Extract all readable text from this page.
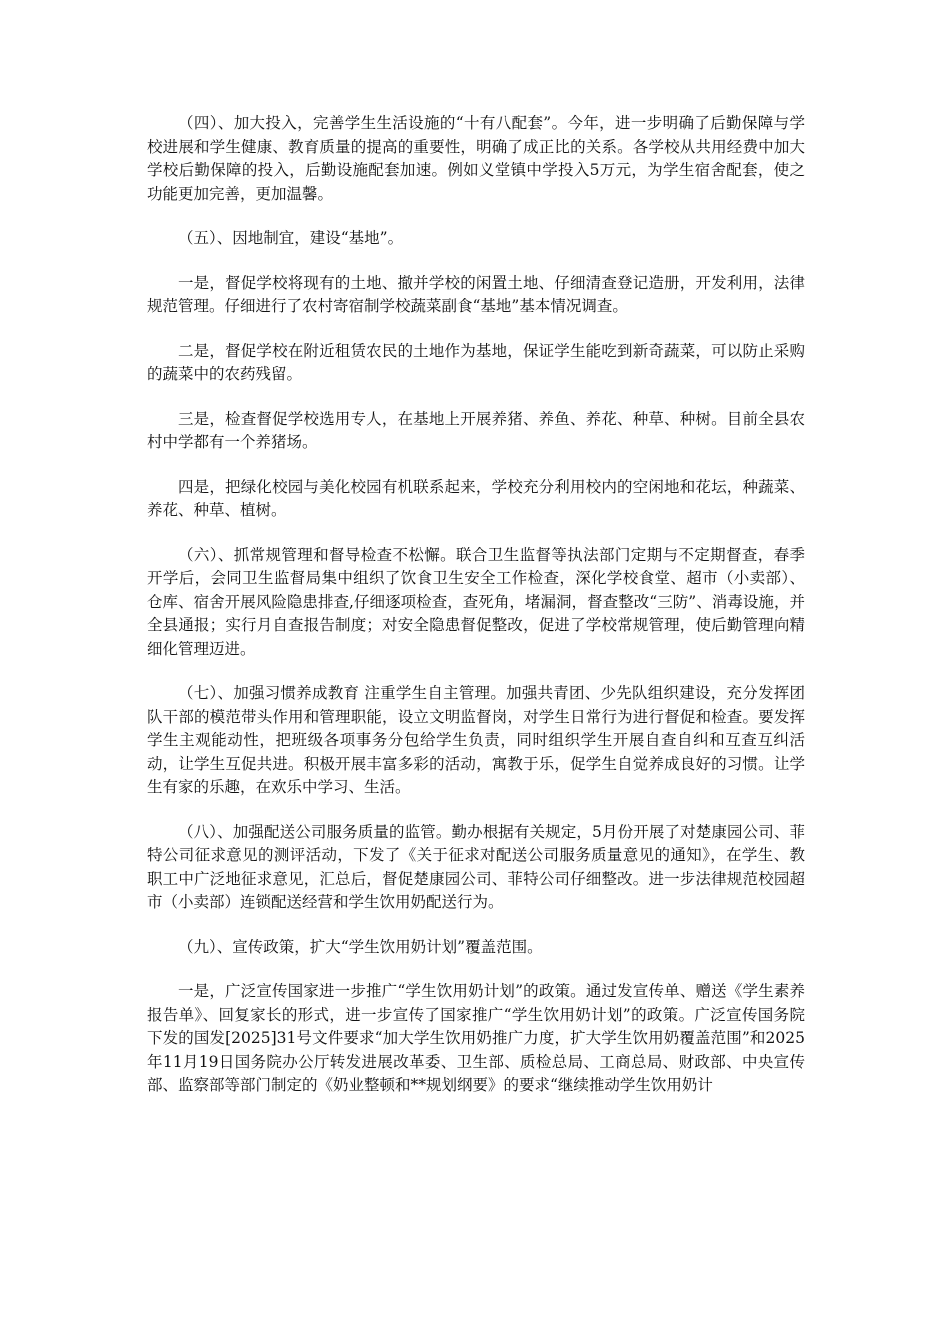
（四）、加大投入，完善学生生活设施的“十有八配套”。今年，进一步明确了后勤保障与学校进展和学生健康、教育质量的提高的重要性，明确了成正比的关系。各学校从共用经费中加大学校后勤保障的投入，后勤设施配套加速。例如义堂镇中学投入5万元，为学生宿舍配套，使之功能更加完善，更加温馨。

（五）、因地制宜，建设“基地”。

一是，督促学校将现有的土地、撤并学校的闲置土地、仔细清查登记造册，开发利用，法律规范管理。仔细进行了农村寄宿制学校蔬菜副食“基地”基本情况调查。

二是，督促学校在附近租赁农民的土地作为基地，保证学生能吃到新奇蔬菜，可以防止采购的蔬菜中的农药残留。

三是，检查督促学校选用专人，在基地上开展养猪、养鱼、养花、种草、种树。目前全县农村中学都有一个养猪场。

四是，把绿化校园与美化校园有机联系起来，学校充分利用校内的空闲地和花坛，种蔬菜、养花、种草、植树。

（六）、抓常规管理和督导检查不松懈。联合卫生监督等执法部门定期与不定期督查，春季开学后，会同卫生监督局集中组织了饮食卫生安全工作检查，深化学校食堂、超市（小卖部）、仓库、宿舍开展风险隐患排查,仔细逐项检查，查死角，堵漏洞，督查整改“三防”、消毒设施，并全县通报；实行月自查报告制度；对安全隐患督促整改，促进了学校常规管理，使后勤管理向精细化管理迈进。

（七）、加强习惯养成教育 注重学生自主管理。加强共青团、少先队组织建设，充分发挥团队干部的模范带头作用和管理职能，设立文明监督岗，对学生日常行为进行督促和检查。要发挥学生主观能动性，把班级各项事务分包给学生负责，同时组织学生开展自查自纠和互查互纠活动，让学生互促共进。积极开展丰富多彩的活动，寓教于乐，促学生自觉养成良好的习惯。让学生有家的乐趣，在欢乐中学习、生活。

（八）、加强配送公司服务质量的监管。勤办根据有关规定，5月份开展了对楚康园公司、菲特公司征求意见的测评活动，下发了《关于征求对配送公司服务质量意见的通知》，在学生、教职工中广泛地征求意见，汇总后，督促楚康园公司、菲特公司仔细整改。进一步法律规范校园超市（小卖部）连锁配送经营和学生饮用奶配送行为。

（九）、宣传政策，扩大“学生饮用奶计划”覆盖范围。

一是，广泛宣传国家进一步推广“学生饮用奶计划”的政策。通过发宣传单、赠送《学生素养报告单》、回复家长的形式，进一步宣传了国家推广“学生饮用奶计划”的政策。广泛宣传国务院下发的国发[2025]31号文件要求“加大学生饮用奶推广力度，扩大学生饮用奶覆盖范围”和2025年11月19日国务院办公厅转发进展改革委、卫生部、质检总局、工商总局、财政部、中央宣传部、监察部等部门制定的《奶业整顿和**规划纲要》的要求“继续推动学生饮用奶计
